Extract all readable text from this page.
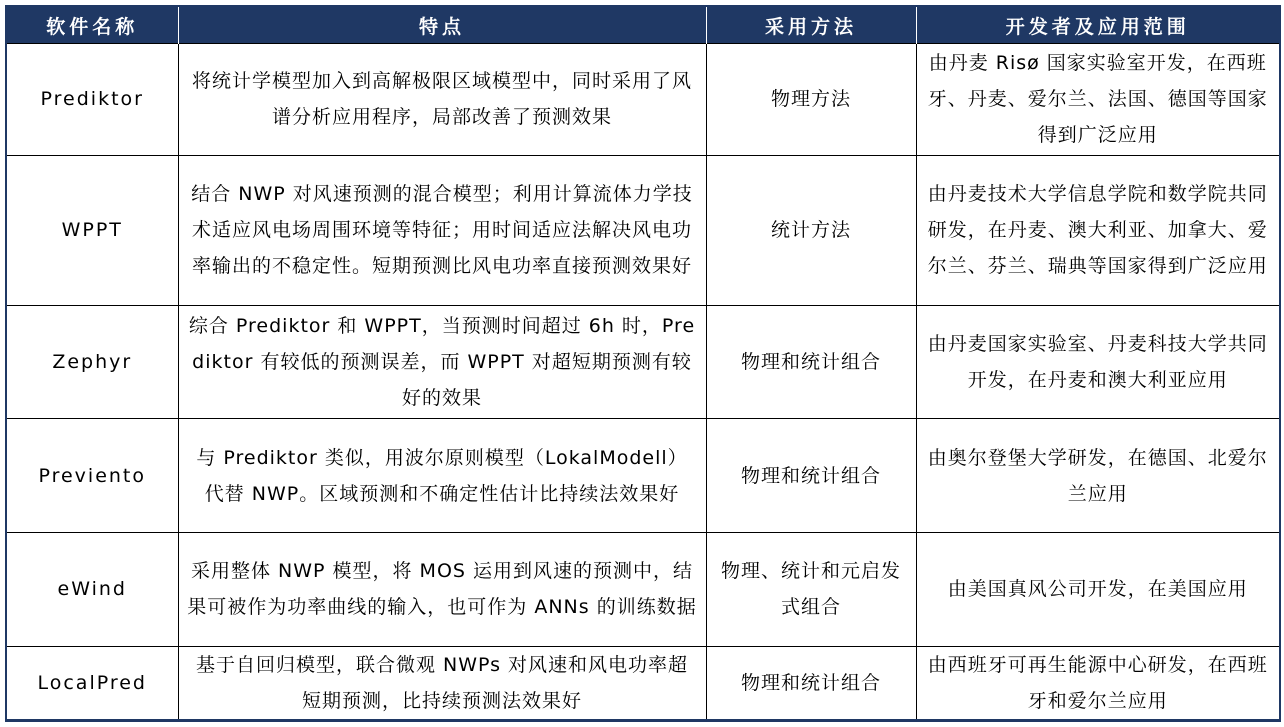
软件名称	特点	采用方法	开发者及应用范围
Prediktor	将统计学模型加入到高解极限区域模型中，同时采用了风谱分析应用程序，局部改善了预测效果	物理方法	由丹麦 Risø 国家实验室开发，在西班牙、丹麦、爱尔兰、法国、德国等国家得到广泛应用
WPPT	结合 NWP 对风速预测的混合模型；利用计算流体力学技术适应风电场周围环境等特征；用时间适应法解决风电功率输出的不稳定性。短期预测比风电功率直接预测效果好	统计方法	由丹麦技术大学信息学院和数学院共同研发，在丹麦、澳大利亚、加拿大、爱尔兰、芬兰、瑞典等国家得到广泛应用
Zephyr	综合 Prediktor 和 WPPT，当预测时间超过 6h 时，Prediktor 有较低的预测误差，而 WPPT 对超短期预测有较好的效果	物理和统计组合	由丹麦国家实验室、丹麦科技大学共同开发，在丹麦和澳大利亚应用
Previento	与 Prediktor 类似，用波尔原则模型（LokalModell）代替 NWP。区域预测和不确定性估计比持续法效果好	物理和统计组合	由奥尔登堡大学研发，在德国、北爱尔兰应用
eWind	采用整体 NWP 模型，将 MOS 运用到风速的预测中，结果可被作为功率曲线的输入，也可作为 ANNs 的训练数据	物理、统计和元启发式组合	由美国真风公司开发，在美国应用
LocalPred	基于自回归模型，联合微观 NWPs 对风速和风电功率超短期预测，比持续预测法效果好	物理和统计组合	由西班牙可再生能源中心研发，在西班牙和爱尔兰应用
